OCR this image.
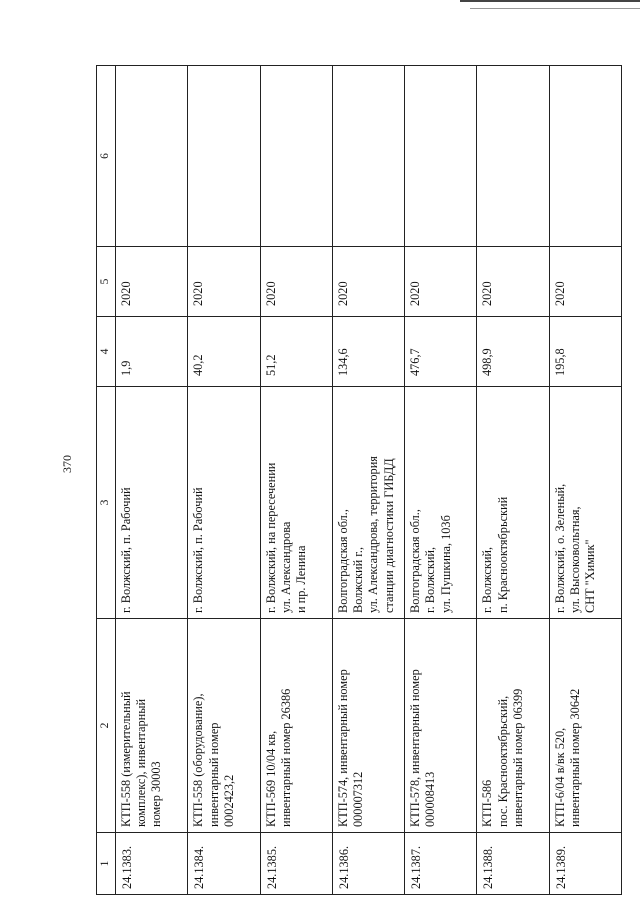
370
1	2	3	4	5	6
24.1383.	КТП-558 (измерительный
комплекс), инвентарный
номер 30003	г. Волжский, п. Рабочий	1,9	2020	
24.1384.	КТП-558 (оборудование),
инвентарный номер
0002423,2	г. Волжский, п. Рабочий	40,2	2020	
24.1385.	КТП-569 10/04 кв,
инвентарный номер 26386	г. Волжский, на пересечении
ул. Александрова
и пр. Ленина	51,2	2020	
24.1386.	КТП-574, инвентарный номер
000007312	Волгоградская обл.,
Волжский г.,
ул. Александрова, территория
станции диагностики ГИБДД	134,6	2020	
24.1387.	КТП-578, инвентарный номер
000008413	Волгоградская обл.,
г. Волжский,
ул. Пушкина, 103б	476,7	2020	
24.1388.	КТП-586
пос. Краснооктябрьский,
инвентарный номер 06399	г. Волжский,
п. Краснооктябрьский	498,9	2020	
24.1389.	КТП-6/04 в/вк 520,
инвентарный номер 30642	г. Волжский, о. Зеленый,
ул. Высоковольтная,
СНТ "Химик"	195,8	2020	
